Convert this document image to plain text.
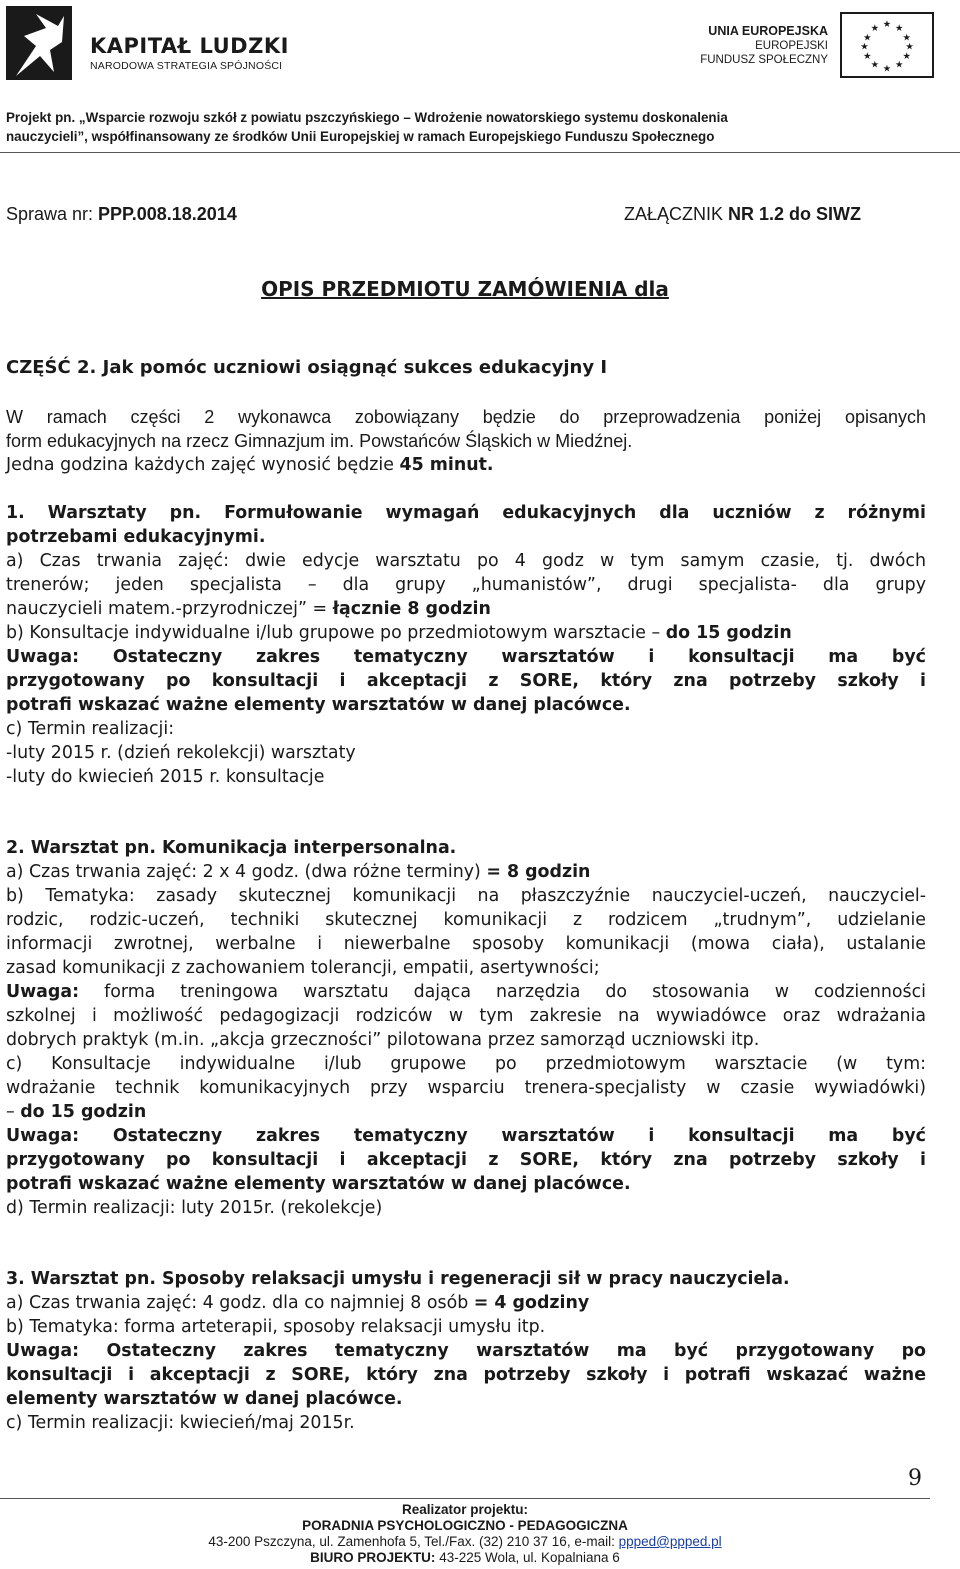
KAPITAŁ LUDZKI
NARODOWA STRATEGIA SPÓJNOŚCI
UNIA EUROPEJSKA
EUROPEJSKI
FUNDUSZ SPOŁECZNY
★ ★
★
★
★
★
★
★
★
★
★
★
Projekt pn. „Wsparcie rozwoju szkół z powiatu pszczyńskiego – Wdrożenie nowatorskiego systemu doskonalenia
nauczycieli”, współfinansowany ze środków Unii Europejskiej w ramach Europejskiego Funduszu Społecznego
Sprawa nr: PPP.008.18.2014	ZAŁĄCZNIK NR 1.2 do SIWZ
OPIS PRZEDMIOTU ZAMÓWIENIA dla
CZĘŚĆ 2. Jak pomóc uczniowi osiągnąć sukces edukacyjny I
W ramach części 2 wykonawca zobowiązany będzie do przeprowadzenia poniżej opisanych
form edukacyjnych na rzecz Gimnazjum im. Powstańców Śląskich w Miedźnej.
Jedna godzina każdych zajęć wynosić będzie 45 minut.
1. Warsztaty pn. Formułowanie wymagań edukacyjnych dla uczniów z różnymi
potrzebami edukacyjnymi.
a) Czas trwania zajęć: dwie edycje warsztatu po 4 godz w tym samym czasie, tj. dwóch
trenerów; jeden specjalista – dla grupy „humanistów”, drugi specjalista- dla grupy
nauczycieli matem.-przyrodniczej” = łącznie 8 godzin
b) Konsultacje indywidualne i/lub grupowe po przedmiotowym warsztacie – do 15 godzin
Uwaga: Ostateczny zakres tematyczny warsztatów i konsultacji ma być
przygotowany po konsultacji i akceptacji z SORE, który zna potrzeby szkoły i
potrafi wskazać ważne elementy warsztatów w danej placówce.
c) Termin realizacji:
-luty 2015 r. (dzień rekolekcji) warsztaty
-luty do kwiecień 2015 r. konsultacje
2. Warsztat pn. Komunikacja interpersonalna.
a) Czas trwania zajęć: 2 x 4 godz. (dwa różne terminy) = 8 godzin
b) Tematyka: zasady skutecznej komunikacji na płaszczyźnie nauczyciel-uczeń, nauczyciel-
rodzic, rodzic-uczeń, techniki skutecznej komunikacji z rodzicem „trudnym”, udzielanie
informacji zwrotnej, werbalne i niewerbalne sposoby komunikacji (mowa ciała), ustalanie
zasad komunikacji z zachowaniem tolerancji, empatii, asertywności;
Uwaga: forma treningowa warsztatu dająca narzędzia do stosowania w codzienności
szkolnej i możliwość pedagogizacji rodziców w tym zakresie na wywiadówce oraz wdrażania
dobrych praktyk (m.in. „akcja grzeczności” pilotowana przez samorząd uczniowski itp.
c) Konsultacje indywidualne i/lub grupowe po przedmiotowym warsztacie (w tym:
wdrażanie technik komunikacyjnych przy wsparciu trenera-specjalisty w czasie wywiadówki)
– do 15 godzin
Uwaga: Ostateczny zakres tematyczny warsztatów i konsultacji ma być
przygotowany po konsultacji i akceptacji z SORE, który zna potrzeby szkoły i
potrafi wskazać ważne elementy warsztatów w danej placówce.
d) Termin realizacji: luty 2015r. (rekolekcje)
3. Warsztat pn. Sposoby relaksacji umysłu i regeneracji sił w pracy nauczyciela.
a) Czas trwania zajęć: 4 godz. dla co najmniej 8 osób = 4 godziny
b) Tematyka: forma arteterapii, sposoby relaksacji umysłu itp.
Uwaga: Ostateczny zakres tematyczny warsztatów ma być przygotowany po
konsultacji i akceptacji z SORE, który zna potrzeby szkoły i potrafi wskazać ważne
elementy warsztatów w danej placówce.
c) Termin realizacji: kwiecień/maj 2015r.
9
Realizator projektu:
PORADNIA PSYCHOLOGICZNO - PEDAGOGICZNA
43-200 Pszczyna, ul. Zamenhofa 5, Tel./Fax. (32) 210 37 16, e-mail: ppped@ppped.pl
BIURO PROJEKTU: 43-225 Wola, ul. Kopalniana 6
